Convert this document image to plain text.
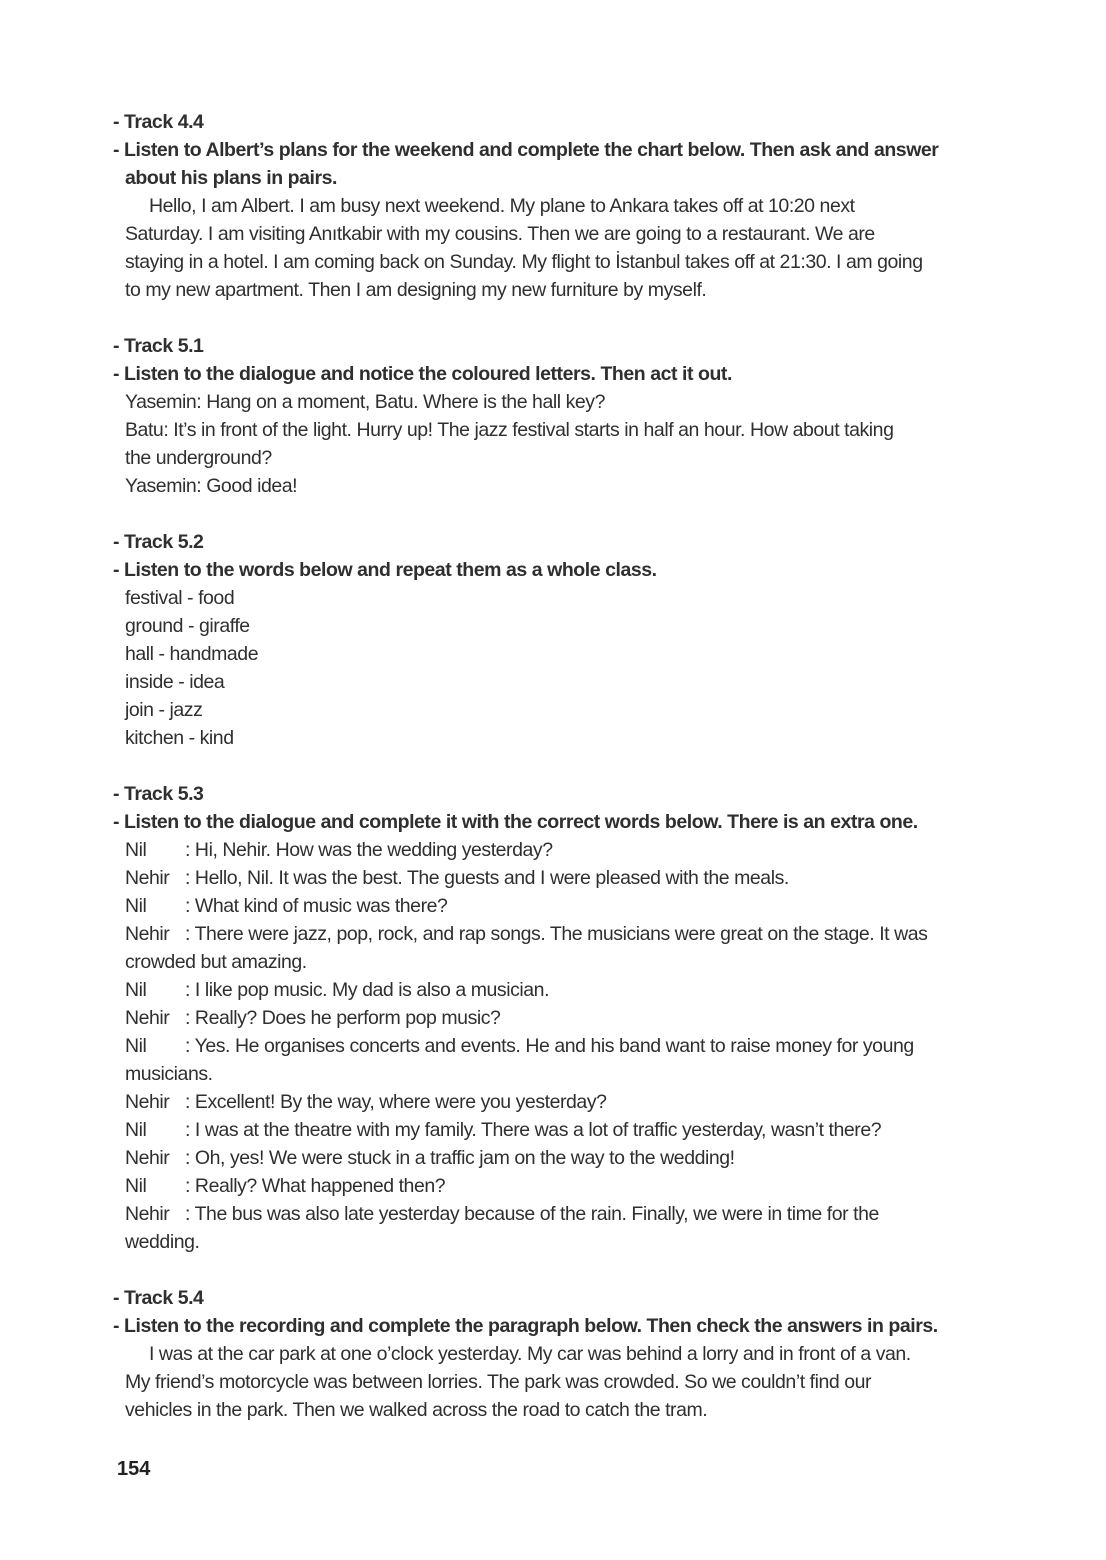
- Track 4.4
- Listen to Albert’s plans for the weekend and complete the chart below. Then ask and answer
about his plans in pairs.
Hello, I am Albert. I am busy next weekend. My plane to Ankara takes off at 10:20 next
Saturday. I am visiting Anıtkabir with my cousins. Then we are going to a restaurant. We are
staying in a hotel. I am coming back on Sunday. My flight to İstanbul takes off at 21:30. I am going
to my new apartment. Then I am designing my new furniture by myself.
- Track 5.1
- Listen to the dialogue and notice the coloured letters. Then act it out.
Yasemin: Hang on a moment, Batu. Where is the hall key?
Batu: It’s in front of the light. Hurry up! The jazz festival starts in half an hour. How about taking
the underground?
Yasemin: Good idea!
- Track 5.2
- Listen to the words below and repeat them as a whole class.
festival - food
ground - giraffe
hall - handmade
inside - idea
join - jazz
kitchen - kind
- Track 5.3
- Listen to the dialogue and complete it with the correct words below. There is an extra one.
Nil : Hi, Nehir. How was the wedding yesterday?
Nehir : Hello, Nil. It was the best. The guests and I were pleased with the meals.
Nil : What kind of music was there?
Nehir : There were jazz, pop, rock, and rap songs. The musicians were great on the stage. It was
crowded but amazing.
Nil : I like pop music. My dad is also a musician.
Nehir : Really? Does he perform pop music?
Nil : Yes. He organises concerts and events. He and his band want to raise money for young
musicians.
Nehir : Excellent! By the way, where were you yesterday?
Nil : I was at the theatre with my family. There was a lot of traffic yesterday, wasn’t there?
Nehir : Oh, yes! We were stuck in a traffic jam on the way to the wedding!
Nil : Really? What happened then?
Nehir : The bus was also late yesterday because of the rain. Finally, we were in time for the
wedding.
- Track 5.4
- Listen to the recording and complete the paragraph below. Then check the answers in pairs.
I was at the car park at one o’clock yesterday. My car was behind a lorry and in front of a van.
My friend’s motorcycle was between lorries. The park was crowded. So we couldn’t find our
vehicles in the park. Then we walked across the road to catch the tram.
154
